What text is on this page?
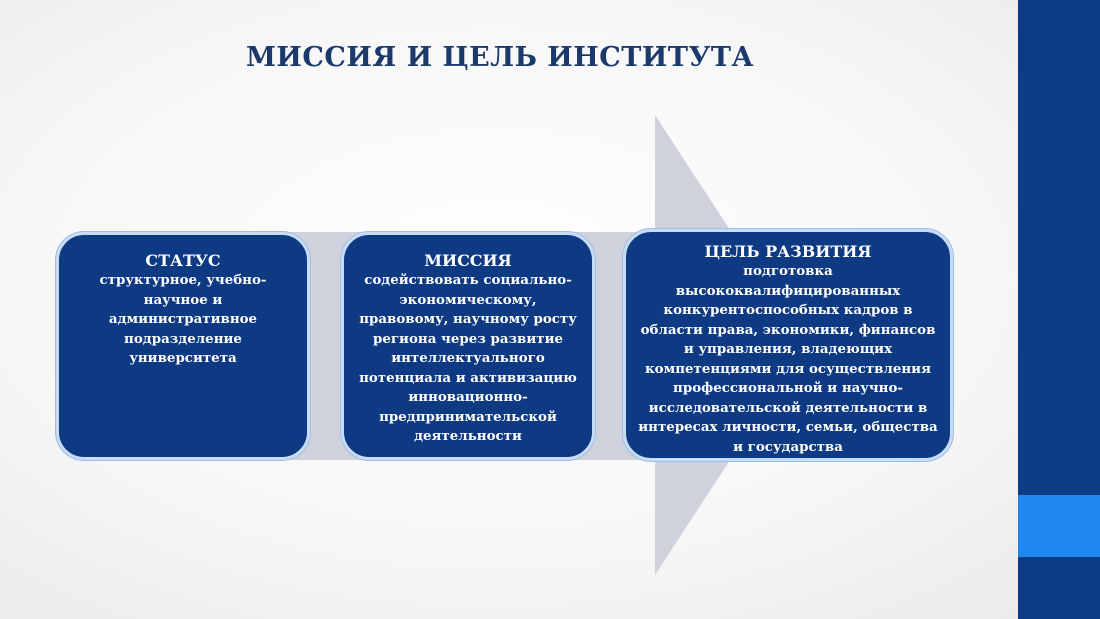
МИССИЯ И ЦЕЛЬ ИНСТИТУТА

СТАТУС

структурное, учебно-научное и административное подразделение университета

МИССИЯ

содействовать социально-экономическому, правовому, научному росту региона через развитие интеллектуального потенциала и активизацию инновационно-предпринимательской деятельности

ЦЕЛЬ РАЗВИТИЯ

подготовка высококвалифицированных конкурентоспособных кадров в области права, экономики, финансов и управления, владеющих компетенциями для осуществления профессиональной и научно-исследовательской деятельности в интересах личности, семьи, общества и государства
